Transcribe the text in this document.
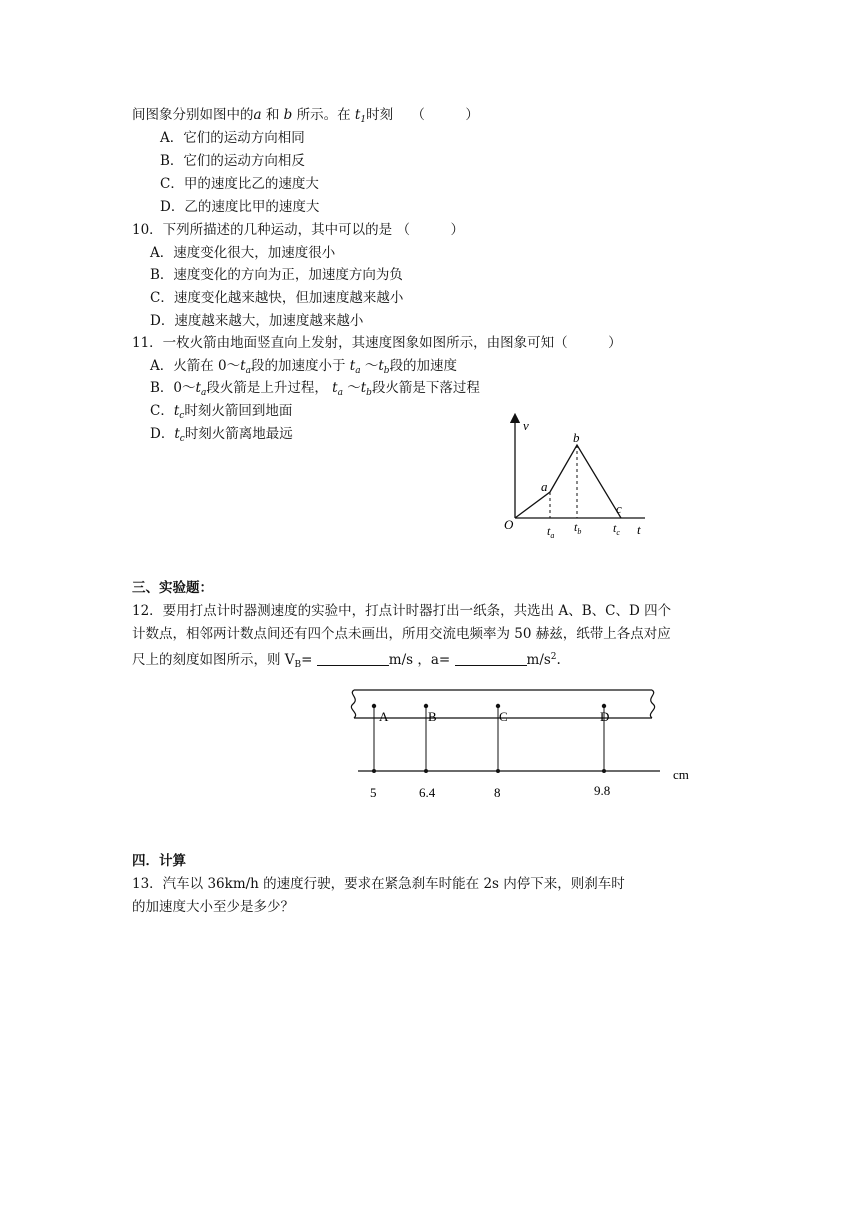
间图象分别如图中的a 和 b 所示。在 $t_1$时刻 （　　　）
A．它们的运动方向相同
B．它们的运动方向相反
C．甲的速度比乙的速度大
D．乙的速度比甲的速度大
10．下列所描述的几种运动，其中可以的是 （　　　）
A．速度变化很大，加速度很小
B．速度变化的方向为正，加速度方向为负
C．速度变化越来越快，但加速度越来越小
D．速度越来越大，加速度越来越小
11．一枚火箭由地面竖直向上发射，其速度图象如图所示，由图象可知（　　　）
A．火箭在 $0\sim t_a$段的加速度小于 $t_a$ $\sim t_b$段的加速度
B．$0\sim t_a$段火箭是上升过程， $t_a$ $\sim t_b$段火箭是下落过程
C．$t_c$时刻火箭回到地面
D．$t_c$时刻火箭离地最远
v
t
O
a
b
c
$t_a$
$t_b$	$t_c$
三、实验题：
12．要用打点计时器测速度的实验中，打点计时器打出一纸条，共选出 A、B、C、D 四个
计数点，相邻两计数点间还有四个点未画出，所用交流电频率为 50 赫兹，纸带上各点对应
尺上的刻度如图所示，则 $V_B=$	m/s ，a=	$m/s^2$.
A	B	C	D
5	6.4	8	9.8
cm
四．计算
13．汽车以 36km/h 的速度行驶，要求在紧急刹车时能在 2s 内停下来，则刹车时
的加速度大小至少是多少？
